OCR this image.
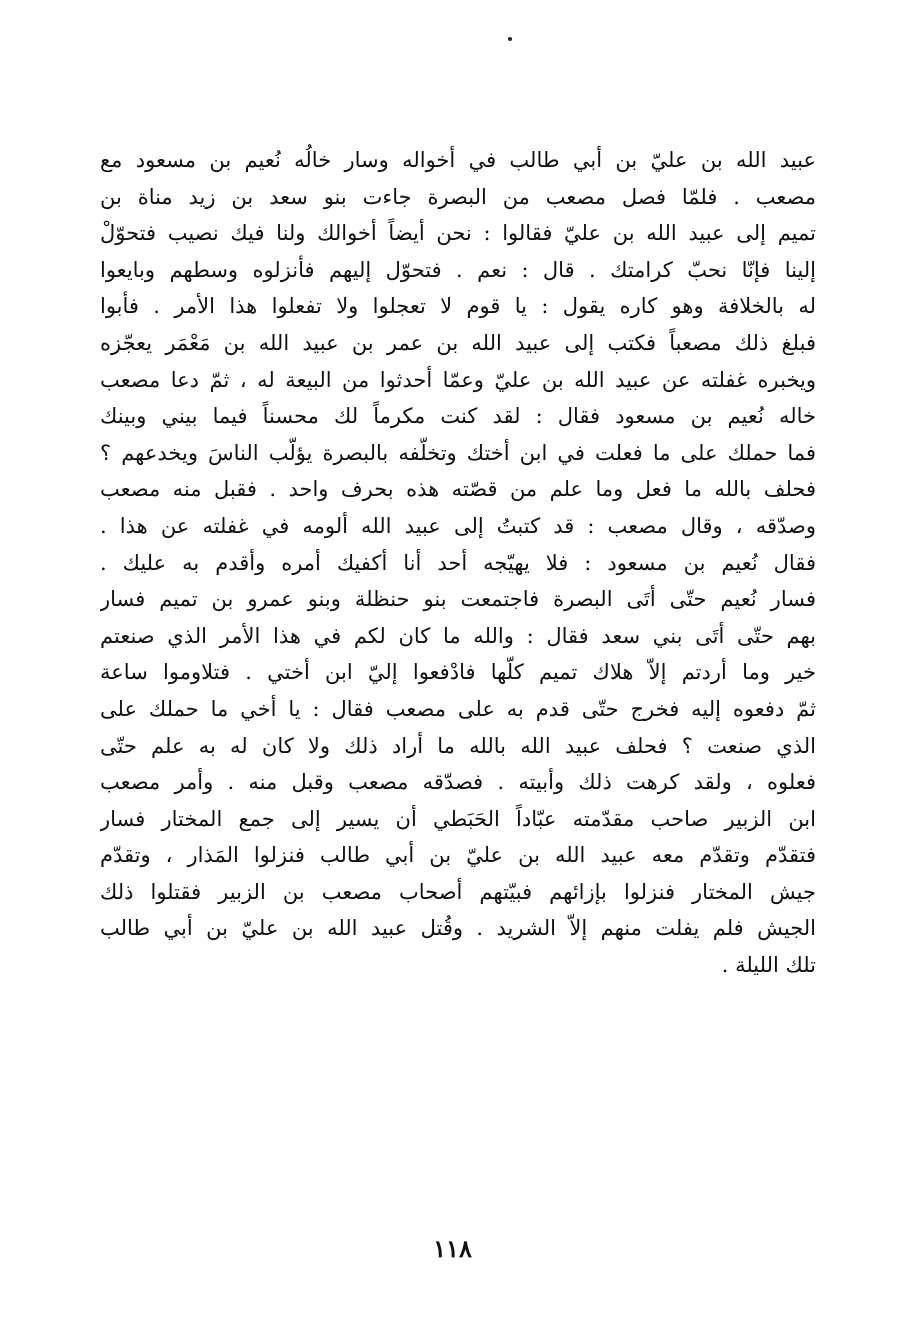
عبيد الله بن عليّ بن أبي طالب في أخواله وسار خالُه نُعيم بن مسعود مع
مصعب . فلمّا فصل مصعب من البصرة جاءت بنو سعد بن زيد مناة بن
تميم إلى عبيد الله بن عليّ فقالوا : نحن أيضاً أخوالك ولنا فيك نصيب فتحوّلْ
إلينا فإنّا نحبّ كرامتك . قال : نعم . فتحوّل إليهم فأنزلوه وسطهم وبايعوا
له بالخلافة وهو كاره يقول : يا قوم لا تعجلوا ولا تفعلوا هذا الأمر . فأبوا
فبلغ ذلك مصعباً فكتب إلى عبيد الله بن عمر بن عبيد الله بن مَعْمَر يعجّزه
ويخبره غفلته عن عبيد الله بن عليّ وعمّا أحدثوا من البيعة له ، ثمّ دعا مصعب
خاله نُعيم بن مسعود فقال : لقد كنت مكرماً لك محسناً فيما بيني وبينك
فما حملك على ما فعلت في ابن أختك وتخلّفه بالبصرة يؤلّب الناسَ ويخدعهم ؟
فحلف بالله ما فعل وما علم من قصّته هذه بحرف واحد . فقبل منه مصعب
وصدّقه ، وقال مصعب : قد كتبتُ إلى عبيد الله ألومه في غفلته عن هذا .
فقال نُعيم بن مسعود : فلا يهيّجه أحد أنا أكفيك أمره وأقدم به عليك .
فسار نُعيم حتّى أتَى البصرة فاجتمعت بنو حنظلة وبنو عمرو بن تميم فسار
بهم حتّى أتَى بني سعد فقال : والله ما كان لكم في هذا الأمر الذي صنعتم
خير وما أردتم إلاّ هلاك تميم كلّها فادْفعوا إليّ ابن أختي . فتلاوموا ساعة
ثمّ دفعوه إليه فخرج حتّى قدم به على مصعب فقال : يا أخي ما حملك على
الذي صنعت ؟ فحلف عبيد الله بالله ما أراد ذلك ولا كان له به علم حتّى
فعلوه ، ولقد كرهت ذلك وأبيته . فصدّقه مصعب وقبل منه . وأمر مصعب
ابن الزبير صاحب مقدّمته عبّاداً الحَبَطي أن يسير إلى جمع المختار فسار
فتقدّم وتقدّم معه عبيد الله بن عليّ بن أبي طالب فنزلوا المَذار ، وتقدّم
جيش المختار فنزلوا بإزائهم فبيّتهم أصحاب مصعب بن الزبير فقتلوا ذلك
الجيش فلم يفلت منهم إلاّ الشريد . وقُتل عبيد الله بن عليّ بن أبي طالب
تلك الليلة .
١١٨
